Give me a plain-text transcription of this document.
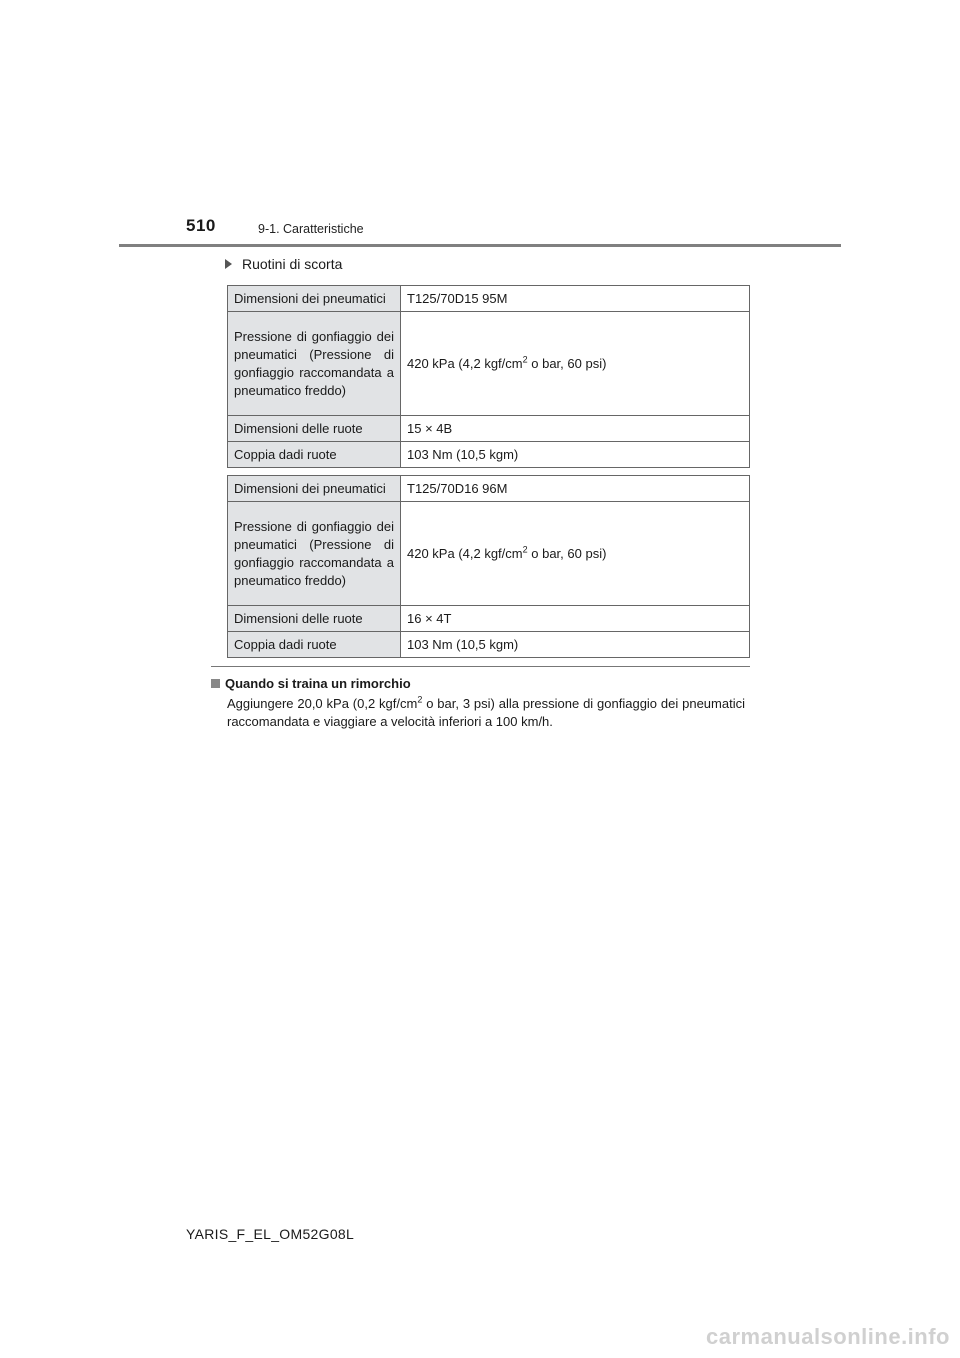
510	9-1. Caratteristiche
Ruotini di scorta
Dimensioni dei pneumatici	T125/70D15 95M
Pressione di gonfiaggio dei pneumatici (Pressione di gonfiaggio raccomandata a pneumatico freddo)	420 kPa (4,2 kgf/$cm^2$ o bar, 60 psi)
Dimensioni delle ruote	15 × 4B
Coppia dadi ruote	103 Nm (10,5 kgm)
Dimensioni dei pneumatici	T125/70D16 96M
Pressione di gonfiaggio dei pneumatici (Pressione di gonfiaggio raccomandata a pneumatico freddo)	420 kPa (4,2 kgf/$cm^2$ o bar, 60 psi)
Dimensioni delle ruote	16 × 4T
Coppia dadi ruote	103 Nm (10,5 kgm)
Quando si traina un rimorchio
Aggiungere 20,0 kPa (0,2 kgf/$cm^2$ o bar, 3 psi) alla pressione di gonfiaggio dei pneumatici raccomandata e viaggiare a velocità inferiori a 100 km/h.
YARIS_F_EL_OM52G08L
carmanualsonline.info
